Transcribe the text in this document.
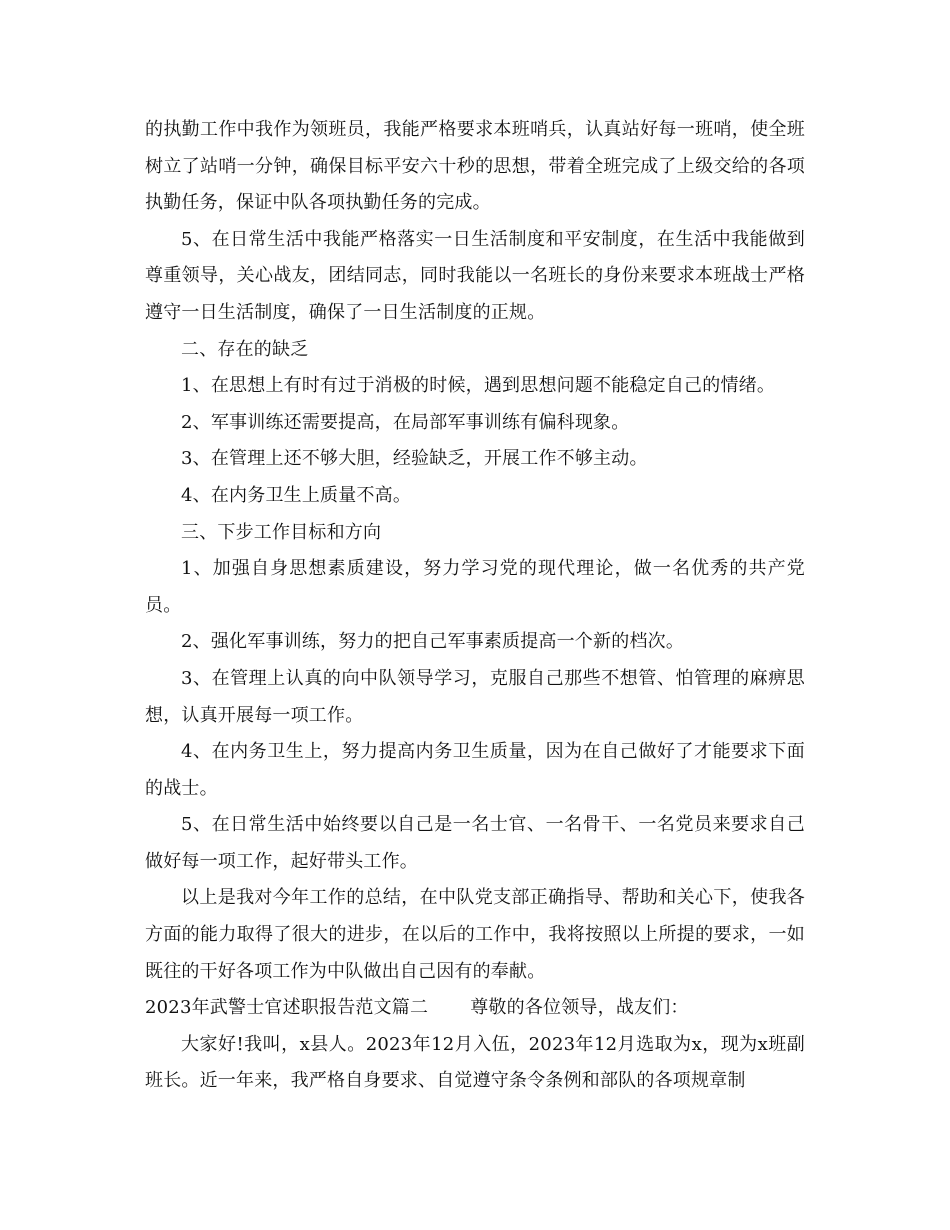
的执勤工作中我作为领班员，我能严格要求本班哨兵，认真站好每一班哨，使全班树立了站哨一分钟，确保目标平安六十秒的思想，带着全班完成了上级交给的各项执勤任务，保证中队各项执勤任务的完成。

5、在日常生活中我能严格落实一日生活制度和平安制度，在生活中我能做到尊重领导，关心战友，团结同志，同时我能以一名班长的身份来要求本班战士严格遵守一日生活制度，确保了一日生活制度的正规。

二、存在的缺乏

1、在思想上有时有过于消极的时候，遇到思想问题不能稳定自己的情绪。

2、军事训练还需要提高，在局部军事训练有偏科现象。

3、在管理上还不够大胆，经验缺乏，开展工作不够主动。

4、在内务卫生上质量不高。

三、下步工作目标和方向

1、加强自身思想素质建设，努力学习党的现代理论，做一名优秀的共产党员。

2、强化军事训练，努力的把自己军事素质提高一个新的档次。

3、在管理上认真的向中队领导学习，克服自己那些不想管、怕管理的麻痹思想，认真开展每一项工作。

4、在内务卫生上，努力提高内务卫生质量，因为在自己做好了才能要求下面的战士。

5、在日常生活中始终要以自己是一名士官、一名骨干、一名党员来要求自己做好每一项工作，起好带头工作。

以上是我对今年工作的总结，在中队党支部正确指导、帮助和关心下，使我各方面的能力取得了很大的进步，在以后的工作中，我将按照以上所提的要求，一如既往的干好各项工作为中队做出自己因有的奉献。

2023年武警士官述职报告范文篇二 尊敬的各位领导，战友们：

大家好!我叫，x县人。2023年12月入伍，2023年12月选取为x，现为x班副班长。近一年来，我严格自身要求、自觉遵守条令条例和部队的各项规章制
